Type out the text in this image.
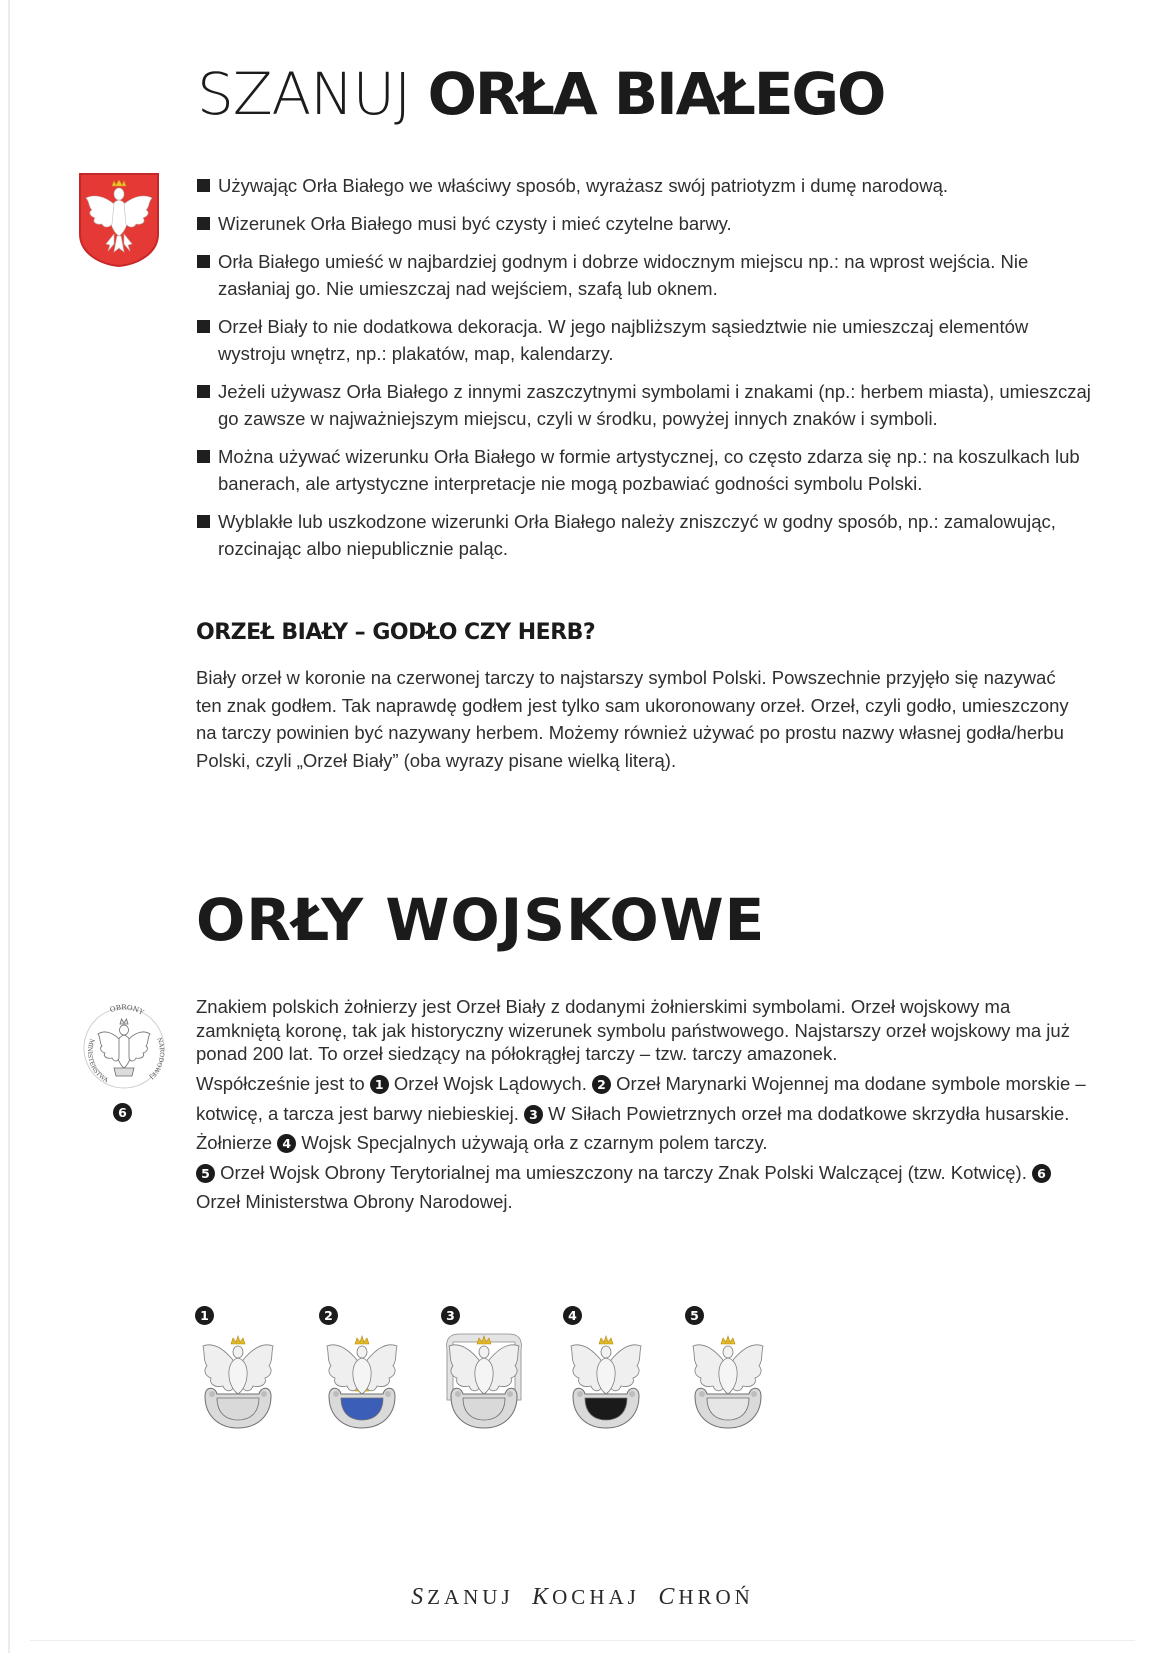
SZANUJ ORŁA BIAŁEGO
Używając Orła Białego we właściwy sposób, wyrażasz swój patriotyzm i dumę narodową.
Wizerunek Orła Białego musi być czysty i mieć czytelne barwy.
Orła Białego umieść w najbardziej godnym i dobrze widocznym miejscu np.: na wprost wejścia. Nie zasłaniaj go. Nie umieszczaj nad wejściem, szafą lub oknem.
Orzeł Biały to nie dodatkowa dekoracja. W jego najbliższym sąsiedztwie nie umieszczaj elementów wystroju wnętrz, np.: plakatów, map, kalendarzy.
Jeżeli używasz Orła Białego z innymi zaszczytnymi symbolami i znakami (np.: herbem miasta), umieszczaj go zawsze w najważniejszym miejscu, czyli w środku, powyżej innych znaków i symboli.
Można używać wizerunku Orła Białego w formie artystycznej, co często zdarza się np.: na koszulkach lub banerach, ale artystyczne interpretacje nie mogą pozbawiać godności symbolu Polski.
Wyblakłe lub uszkodzone wizerunki Orła Białego należy zniszczyć w godny sposób, np.: zamalowując, rozcinając albo niepublicznie paląc.
ORZEŁ BIAŁY – GODŁO CZY HERB?

Biały orzeł w koronie na czerwonej tarczy to najstarszy symbol Polski. Powszechnie przyjęło się nazywać ten znak godłem. Tak naprawdę godłem jest tylko sam ukoronowany orzeł. Orzeł, czyli godło, umieszczony na tarczy powinien być nazywany herbem. Możemy również używać po prostu nazwy własnej godła/herbu Polski, czyli „Orzeł Biały” (oba wyrazy pisane wielką literą).

ORŁY WOJSKOWE
OBRONY
MINISTERSTWA
NARODOWEJ
6

Znakiem polskich żołnierzy jest Orzeł Biały z dodanymi żołnierskimi symbolami. Orzeł wojskowy ma zamkniętą koronę, tak jak historyczny wizerunek symbolu państwowego. Najstarszy orzeł wojskowy ma już ponad 200 lat. To orzeł siedzący na półokrągłej tarczy – tzw. tarczy amazonek.

Współcześnie jest to 1 Orzeł Wojsk Lądowych. 2 Orzeł Marynarki Wojennej ma dodane symbole morskie – kotwicę, a tarcza jest barwy niebieskiej. 3 W Siłach Powietrznych orzeł ma dodatkowe skrzydła husarskie. Żołnierze 4 Wojsk Specjalnych używają orła z czarnym polem tarczy.
5 Orzeł Wojsk Obrony Terytorialnej ma umieszczony na tarczy Znak Polski Walczącej (tzw. Kotwicę). 6 Orzeł Ministerstwa Obrony Narodowej.

1	2	3	4	5

SZANUJ KOCHAJ CHROŃ
